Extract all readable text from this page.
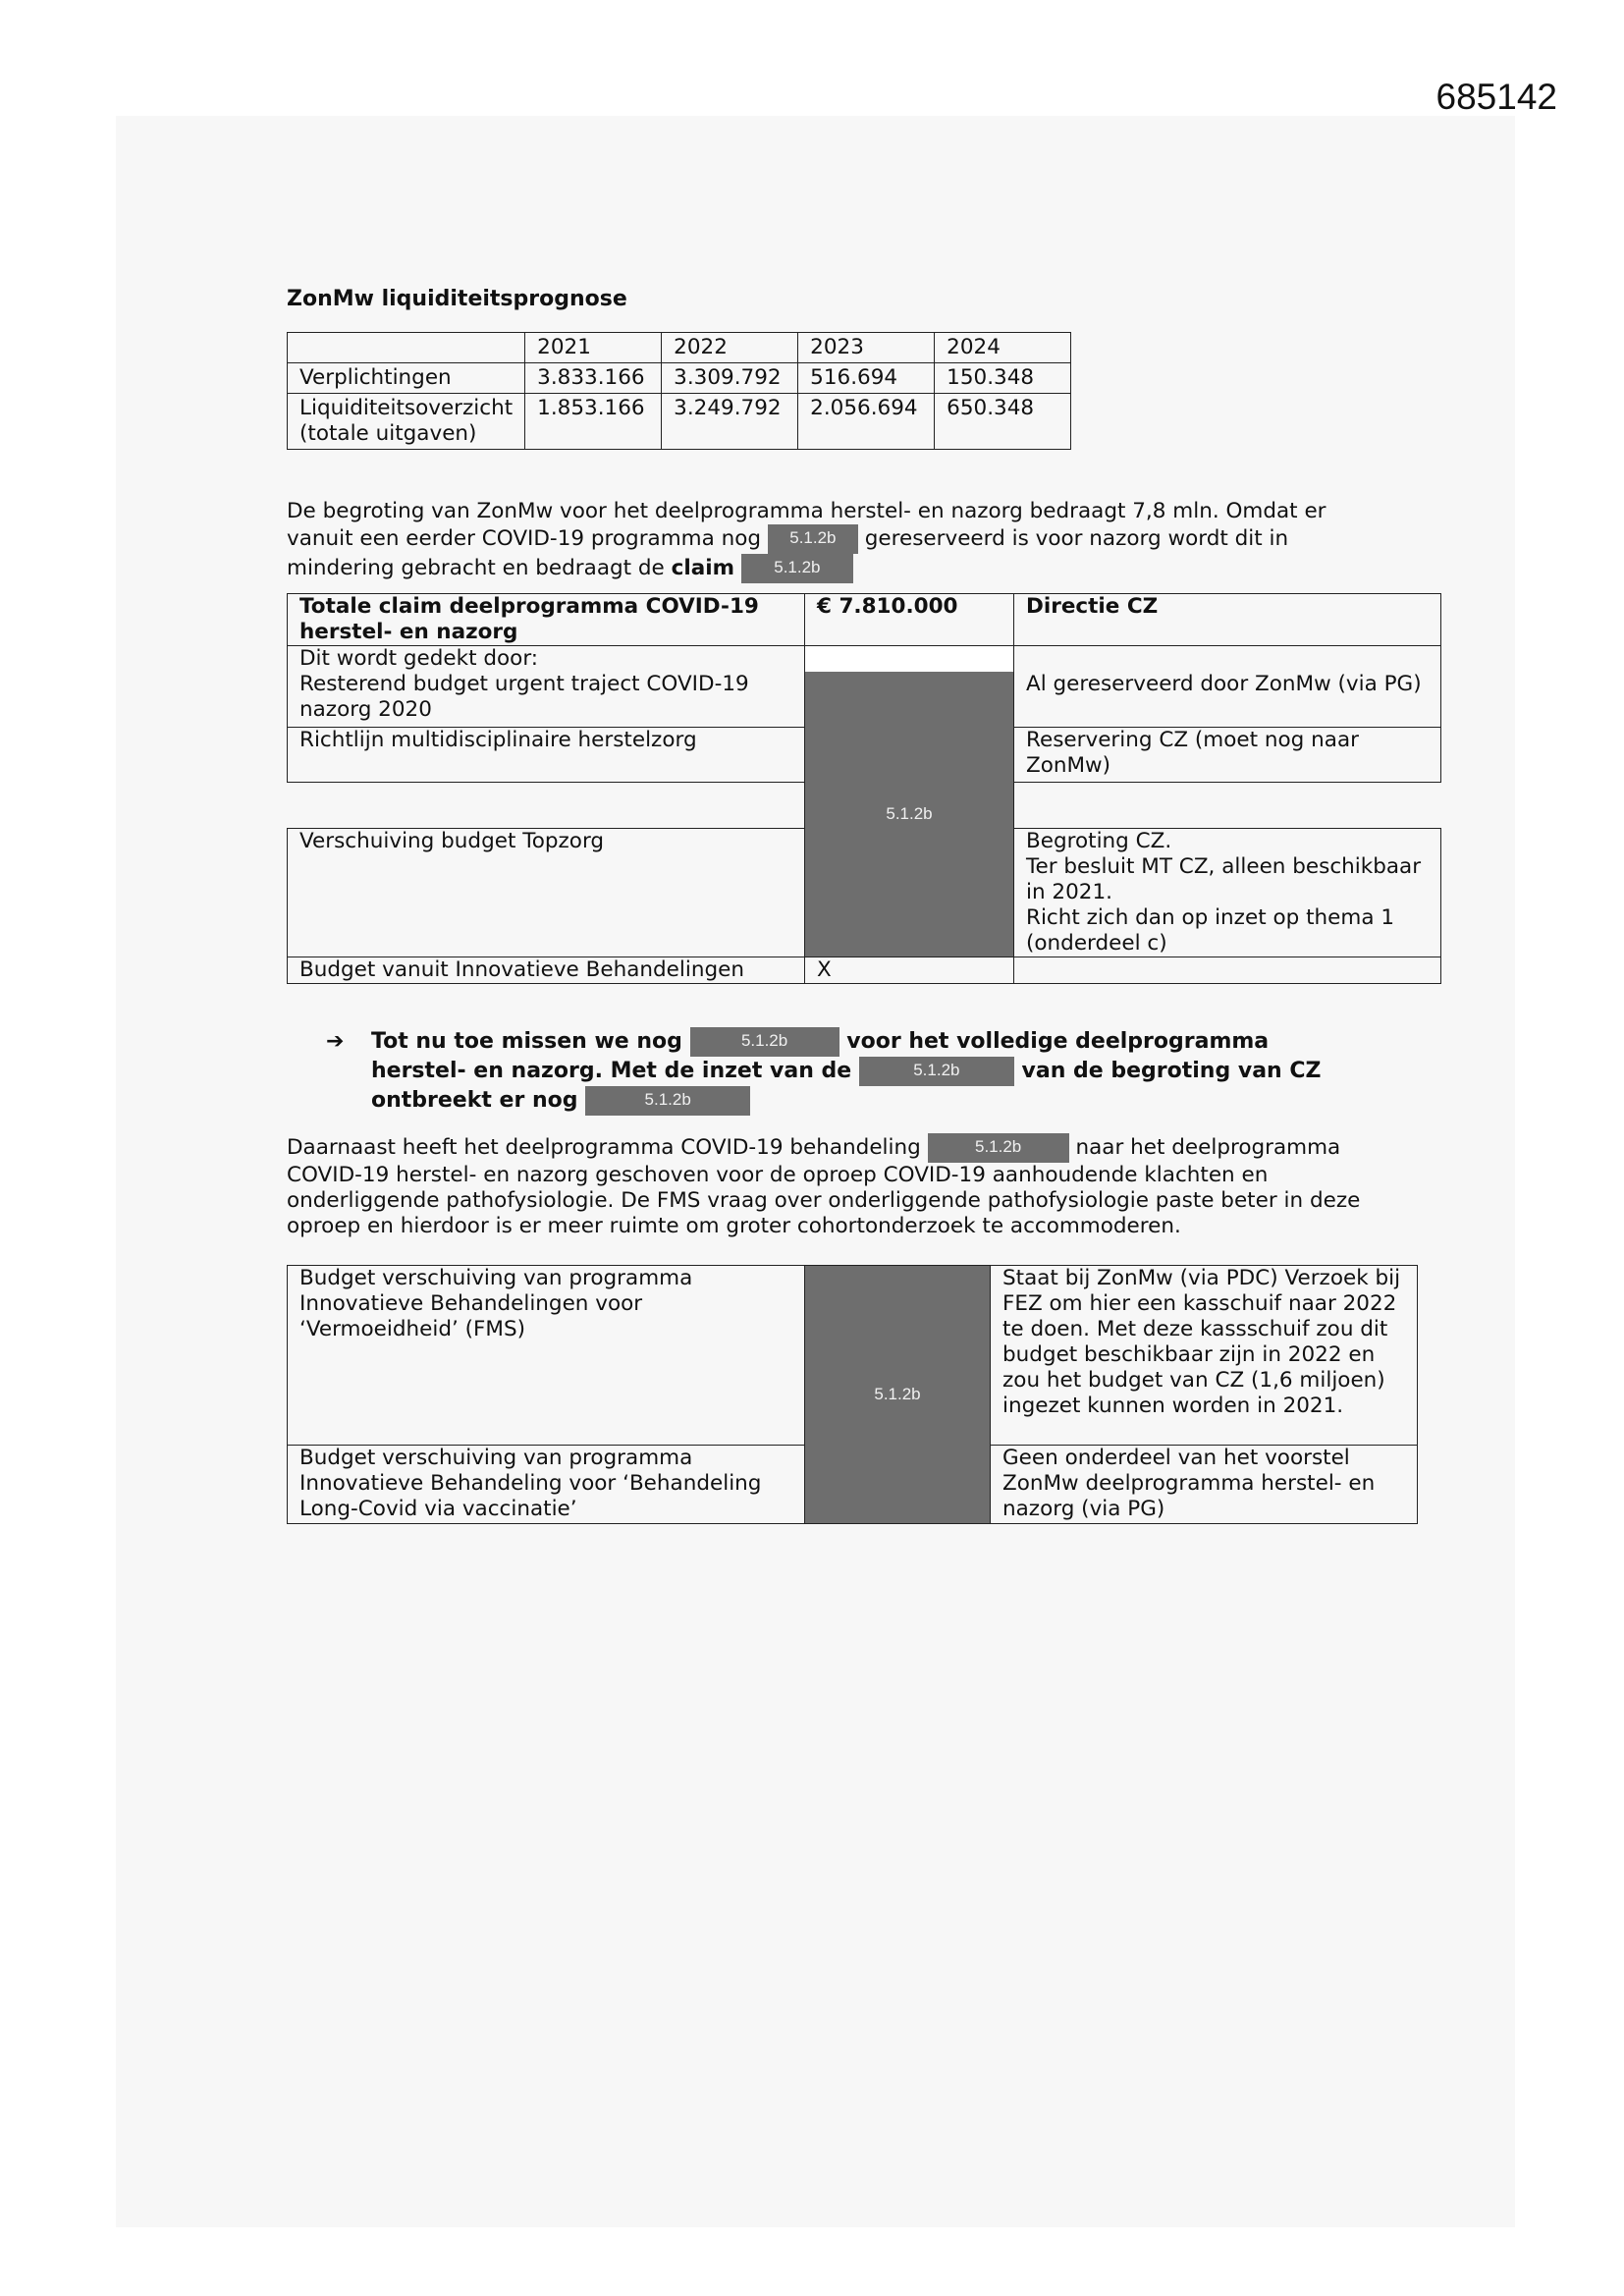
685142
ZonMw liquiditeitsprognose
	2021	2022	2023	2024
Verplichtingen	3.833.166	3.309.792	516.694	150.348
Liquiditeitsoverzicht (totale uitgaven)	1.853.166	3.249.792	2.056.694	650.348

De begroting van ZonMw voor het deelprogramma herstel- en nazorg bedraagt 7,8 mln. Omdat er vanuit een eerder COVID-19 programma nog 5.1.2b gereserveerd is voor nazorg wordt dit in mindering gebracht en bedraagt de claim 5.1.2b

Totale claim deelprogramma COVID-19 herstel- en nazorg	€ 7.810.000	Directie CZ

Dit wordt gedekt door:
Resterend budget urgent traject COVID-19 nazorg 2020	5.1.2b	Al gereserveerd door ZonMw (via PG)
Richtlijn multidisciplinaire herstelzorg		Reservering CZ (moet nog naar ZonMw)

Verschuiving budget Topzorg		Begroting CZ.
Ter besluit MT CZ, alleen beschikbaar in 2021.
Richt zich dan op inzet op thema 1 (onderdeel c)
Budget vanuit Innovatieve Behandelingen	X	
➔ Tot nu toe missen we nog	5.1.2b	voor het volledige deelprogramma herstel- en nazorg. Met de inzet van de	5.1.2b	van de begroting van CZ ontbreekt er nog	5.1.2b

Daarnaast heeft het deelprogramma COVID-19 behandeling	5.1.2b	naar het deelprogramma COVID-19 herstel- en nazorg geschoven voor de oproep COVID-19 aanhoudende klachten en onderliggende pathofysiologie. De FMS vraag over onderliggende pathofysiologie paste beter in deze oproep en hierdoor is er meer ruimte om groter cohortonderzoek te accommoderen.

Budget verschuiving van programma Innovatieve Behandelingen voor ‘Vermoeidheid’ (FMS)	5.1.2b	Staat bij ZonMw (via PDC) Verzoek bij FEZ om hier een kasschuif naar 2022 te doen. Met deze kassschuif zou dit budget beschikbaar zijn in 2022 en zou het budget van CZ (1,6 miljoen) ingezet kunnen worden in 2021.
Budget verschuiving van programma Innovatieve Behandeling voor ‘Behandeling Long-Covid via vaccinatie’		Geen onderdeel van het voorstel ZonMw deelprogramma herstel- en nazorg (via PG)
